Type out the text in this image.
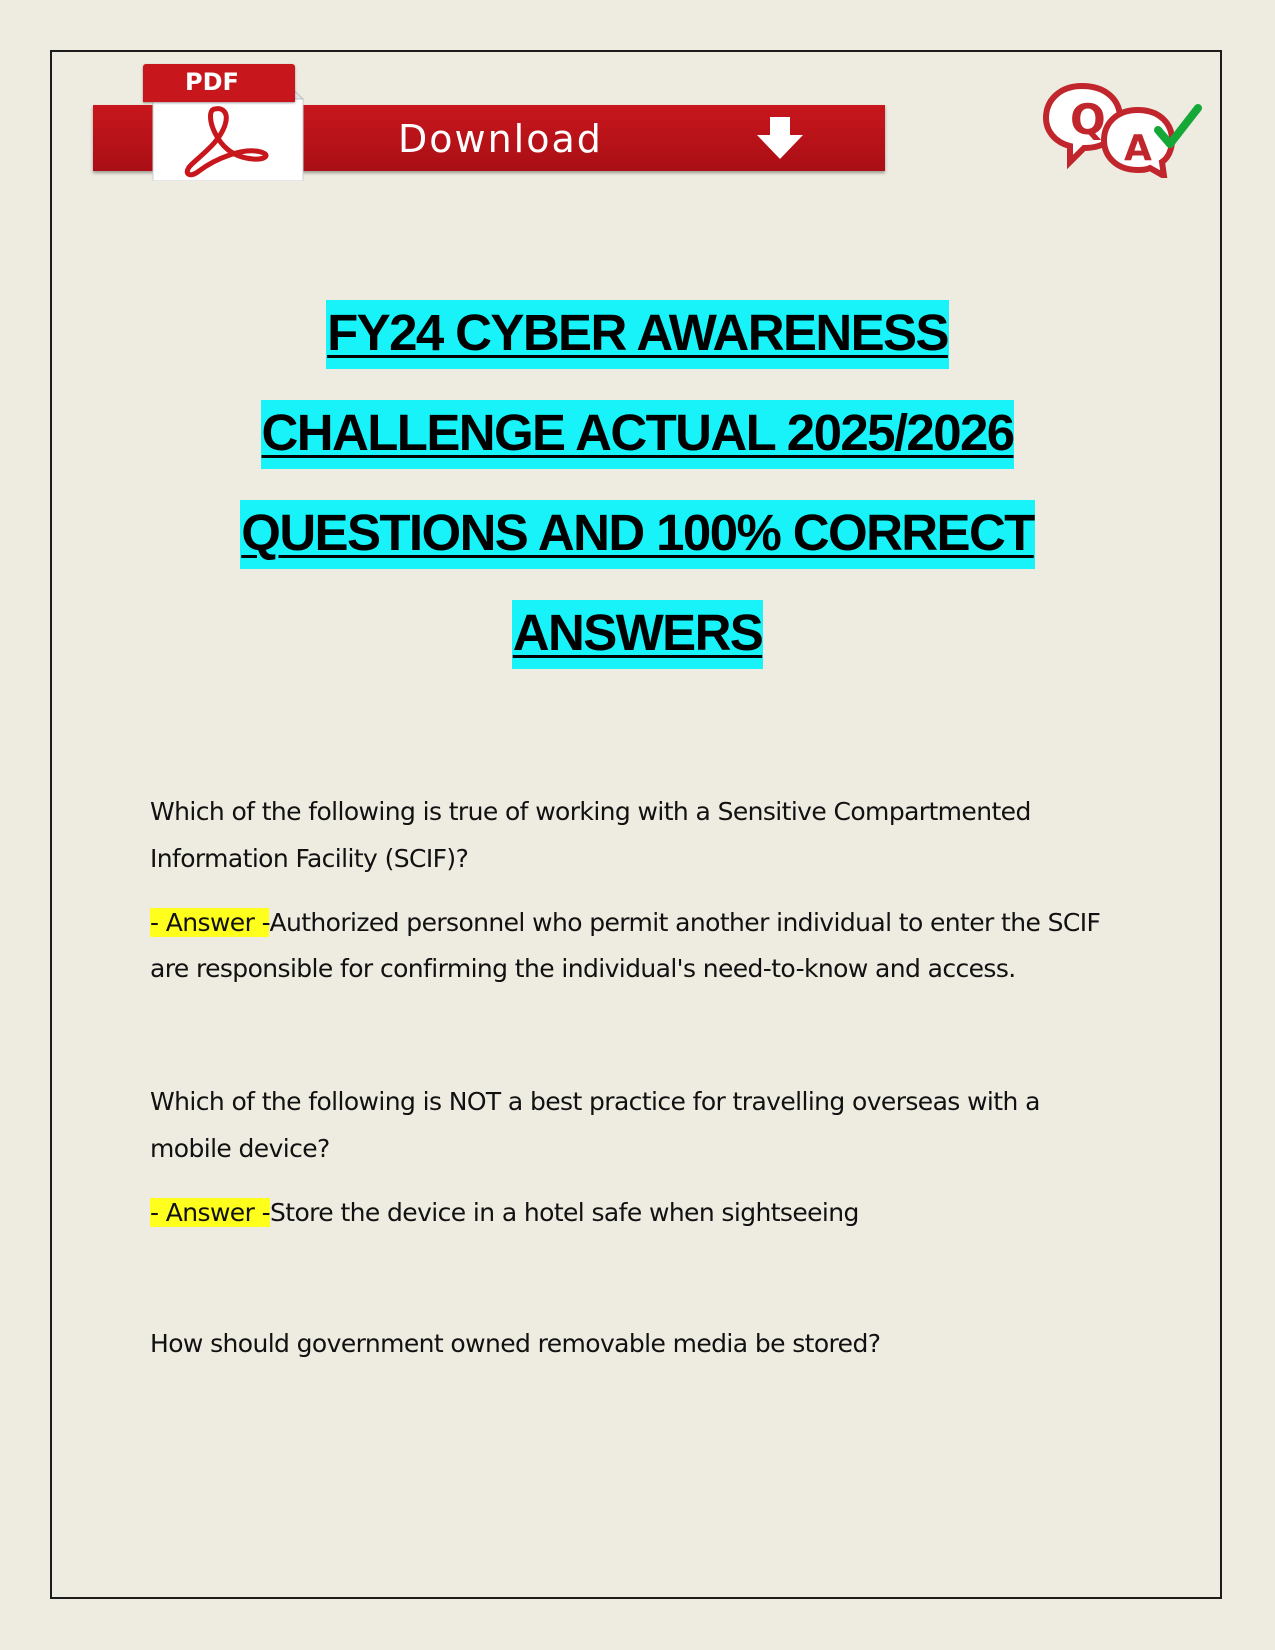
Download
PDF
Q
A

FY24 CYBER AWARENESS

CHALLENGE ACTUAL 2025/2026

QUESTIONS AND 100% CORRECT

ANSWERS

Which of the following is true of working with a Sensitive Compartmented Information Facility (SCIF)?

- Answer -Authorized personnel who permit another individual to enter the SCIF are responsible for confirming the individual's need-to-know and access.

Which of the following is NOT a best practice for travelling overseas with a mobile device?

- Answer -Store the device in a hotel safe when sightseeing

How should government owned removable media be stored?
